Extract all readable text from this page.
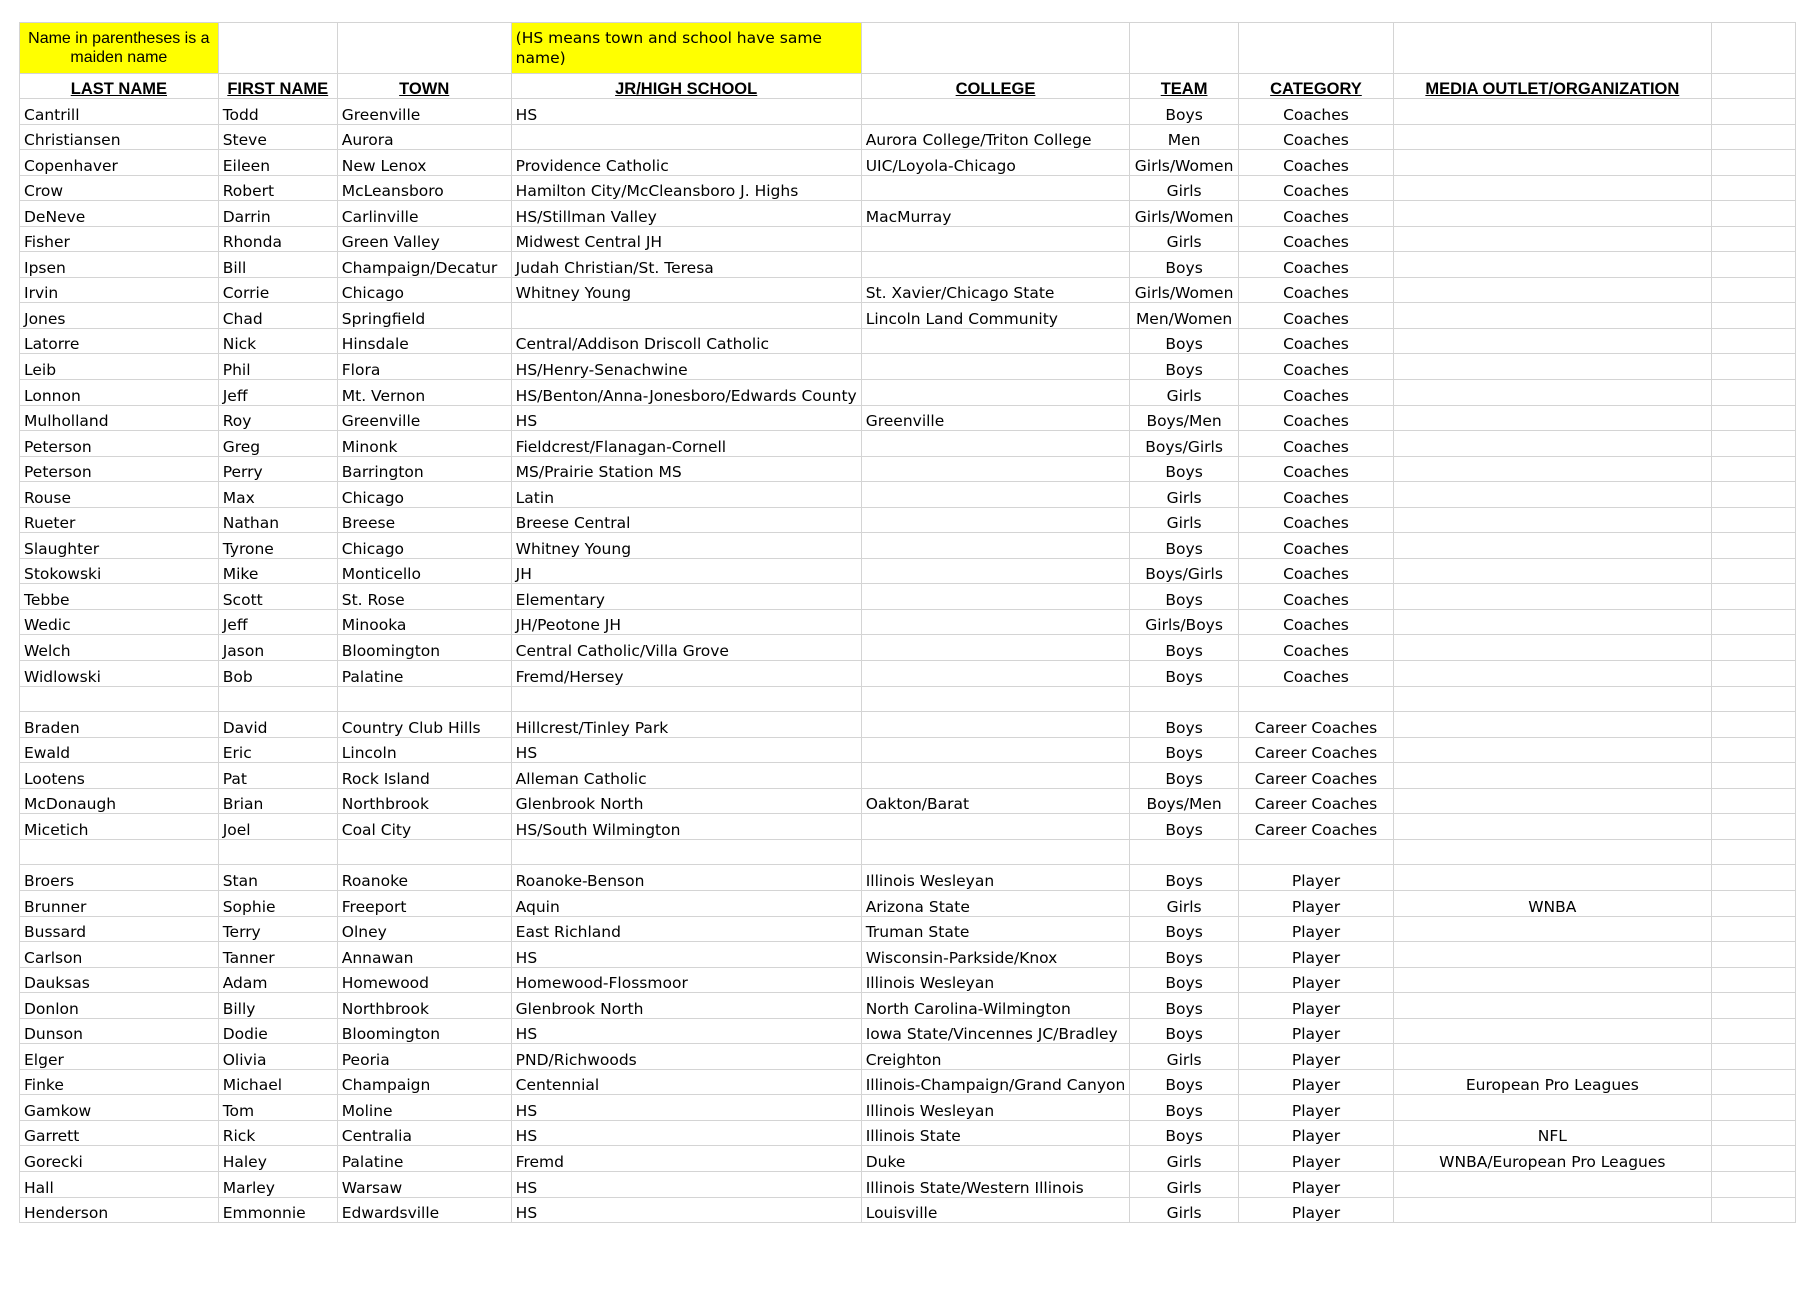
Name in parentheses is a maiden name			(HS means town and school have same name)					
LAST NAME	FIRST NAME	TOWN	JR/HIGH SCHOOL	COLLEGE	TEAM	CATEGORY	MEDIA OUTLET/ORGANIZATION	
Cantrill	Todd	Greenville	HS		Boys	Coaches		
Christiansen	Steve	Aurora		Aurora College/Triton College	Men	Coaches		
Copenhaver	Eileen	New Lenox	Providence Catholic	UIC/Loyola-Chicago	Girls/Women	Coaches		
Crow	Robert	McLeansboro	Hamilton City/McCleansboro J. Highs		Girls	Coaches		
DeNeve	Darrin	Carlinville	HS/Stillman Valley	MacMurray	Girls/Women	Coaches		
Fisher	Rhonda	Green Valley	Midwest Central JH		Girls	Coaches		
Ipsen	Bill	Champaign/Decatur	Judah Christian/St. Teresa		Boys	Coaches		
Irvin	Corrie	Chicago	Whitney Young	St. Xavier/Chicago State	Girls/Women	Coaches		
Jones	Chad	Springfield		Lincoln Land Community	Men/Women	Coaches		
Latorre	Nick	Hinsdale	Central/Addison Driscoll Catholic		Boys	Coaches		
Leib	Phil	Flora	HS/Henry-Senachwine		Boys	Coaches		
Lonnon	Jeff	Mt. Vernon	HS/Benton/Anna-Jonesboro/Edwards County		Girls	Coaches		
Mulholland	Roy	Greenville	HS	Greenville	Boys/Men	Coaches		
Peterson	Greg	Minonk	Fieldcrest/Flanagan-Cornell		Boys/Girls	Coaches		
Peterson	Perry	Barrington	MS/Prairie Station MS		Boys	Coaches		
Rouse	Max	Chicago	Latin		Girls	Coaches		
Rueter	Nathan	Breese	Breese Central		Girls	Coaches		
Slaughter	Tyrone	Chicago	Whitney Young		Boys	Coaches		
Stokowski	Mike	Monticello	JH		Boys/Girls	Coaches		
Tebbe	Scott	St. Rose	Elementary		Boys	Coaches		
Wedic	Jeff	Minooka	JH/Peotone JH		Girls/Boys	Coaches		
Welch	Jason	Bloomington	Central Catholic/Villa Grove		Boys	Coaches		
Widlowski	Bob	Palatine	Fremd/Hersey		Boys	Coaches		

Braden	David	Country Club Hills	Hillcrest/Tinley Park		Boys	Career Coaches		
Ewald	Eric	Lincoln	HS		Boys	Career Coaches		
Lootens	Pat	Rock Island	Alleman Catholic		Boys	Career Coaches		
McDonaugh	Brian	Northbrook	Glenbrook North	Oakton/Barat	Boys/Men	Career Coaches		
Micetich	Joel	Coal City	HS/South Wilmington		Boys	Career Coaches		

Broers	Stan	Roanoke	Roanoke-Benson	Illinois Wesleyan	Boys	Player		
Brunner	Sophie	Freeport	Aquin	Arizona State	Girls	Player	WNBA	
Bussard	Terry	Olney	East Richland	Truman State	Boys	Player		
Carlson	Tanner	Annawan	HS	Wisconsin-Parkside/Knox	Boys	Player		
Dauksas	Adam	Homewood	Homewood-Flossmoor	Illinois Wesleyan	Boys	Player		
Donlon	Billy	Northbrook	Glenbrook North	North Carolina-Wilmington	Boys	Player		
Dunson	Dodie	Bloomington	HS	Iowa State/Vincennes JC/Bradley	Boys	Player		
Elger	Olivia	Peoria	PND/Richwoods	Creighton	Girls	Player		
Finke	Michael	Champaign	Centennial	Illinois-Champaign/Grand Canyon	Boys	Player	European Pro Leagues	
Gamkow	Tom	Moline	HS	Illinois Wesleyan	Boys	Player		
Garrett	Rick	Centralia	HS	Illinois State	Boys	Player	NFL	
Gorecki	Haley	Palatine	Fremd	Duke	Girls	Player	WNBA/European Pro Leagues	
Hall	Marley	Warsaw	HS	Illinois State/Western Illinois	Girls	Player		
Henderson	Emmonnie	Edwardsville	HS	Louisville	Girls	Player		
